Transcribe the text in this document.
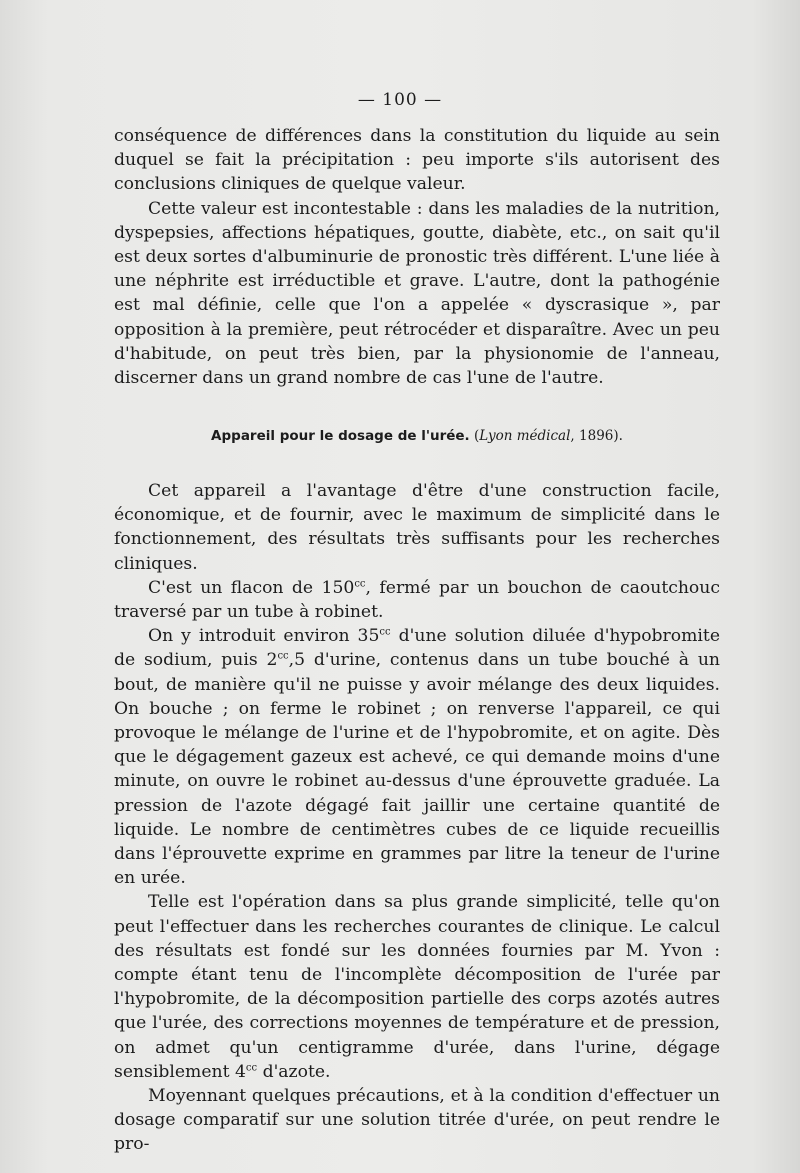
— 100 —

conséquence de différences dans la constitution du liquide au sein duquel se fait la précipitation : peu importe s'ils autorisent des conclusions cliniques de quelque valeur.

Cette valeur est incontestable : dans les maladies de la nutrition, dyspepsies, affections hépatiques, goutte, diabète, etc., on sait qu'il est deux sortes d'albuminurie de pronostic très différent. L'une liée à une néphrite est irréductible et grave. L'autre, dont la pathogénie est mal définie, celle que l'on a appelée « dyscrasique », par opposition à la première, peut rétrocéder et disparaître. Avec un peu d'habitude, on peut très bien, par la physionomie de l'anneau, discerner dans un grand nombre de cas l'une de l'autre.

Appareil pour le dosage de l'urée. (Lyon médical, 1896).

Cet appareil a l'avantage d'être d'une construction facile, économique, et de fournir, avec le maximum de simplicité dans le fonctionnement, des résultats très suffisants pour les recherches cliniques.

C'est un flacon de $150^{cc}$, fermé par un bouchon de caoutchouc traversé par un tube à robinet.

On y introduit environ $35^{cc}$ d'une solution diluée d'hypobromite de sodium, puis $2^{cc},5$ d'urine, contenus dans un tube bouché à un bout, de manière qu'il ne puisse y avoir mélange des deux liquides. On bouche ; on ferme le robinet ; on renverse l'appareil, ce qui provoque le mélange de l'urine et de l'hypobromite, et on agite. Dès que le dégagement gazeux est achevé, ce qui demande moins d'une minute, on ouvre le robinet au-dessus d'une éprouvette graduée. La pression de l'azote dégagé fait jaillir une certaine quantité de liquide. Le nombre de centimètres cubes de ce liquide recueillis dans l'éprouvette exprime en grammes par litre la teneur de l'urine en urée.

Telle est l'opération dans sa plus grande simplicité, telle qu'on peut l'effectuer dans les recherches courantes de clinique. Le calcul des résultats est fondé sur les données fournies par M. Yvon : compte étant tenu de l'incomplète décomposition de l'urée par l'hypobromite, de la décomposition partielle des corps azotés autres que l'urée, des corrections moyennes de température et de pression, on admet qu'un centigramme d'urée, dans l'urine, dégage sensiblement $4^{cc}$ d'azote.

Moyennant quelques précautions, et à la condition d'effectuer un dosage comparatif sur une solution titrée d'urée, on peut rendre le pro-
